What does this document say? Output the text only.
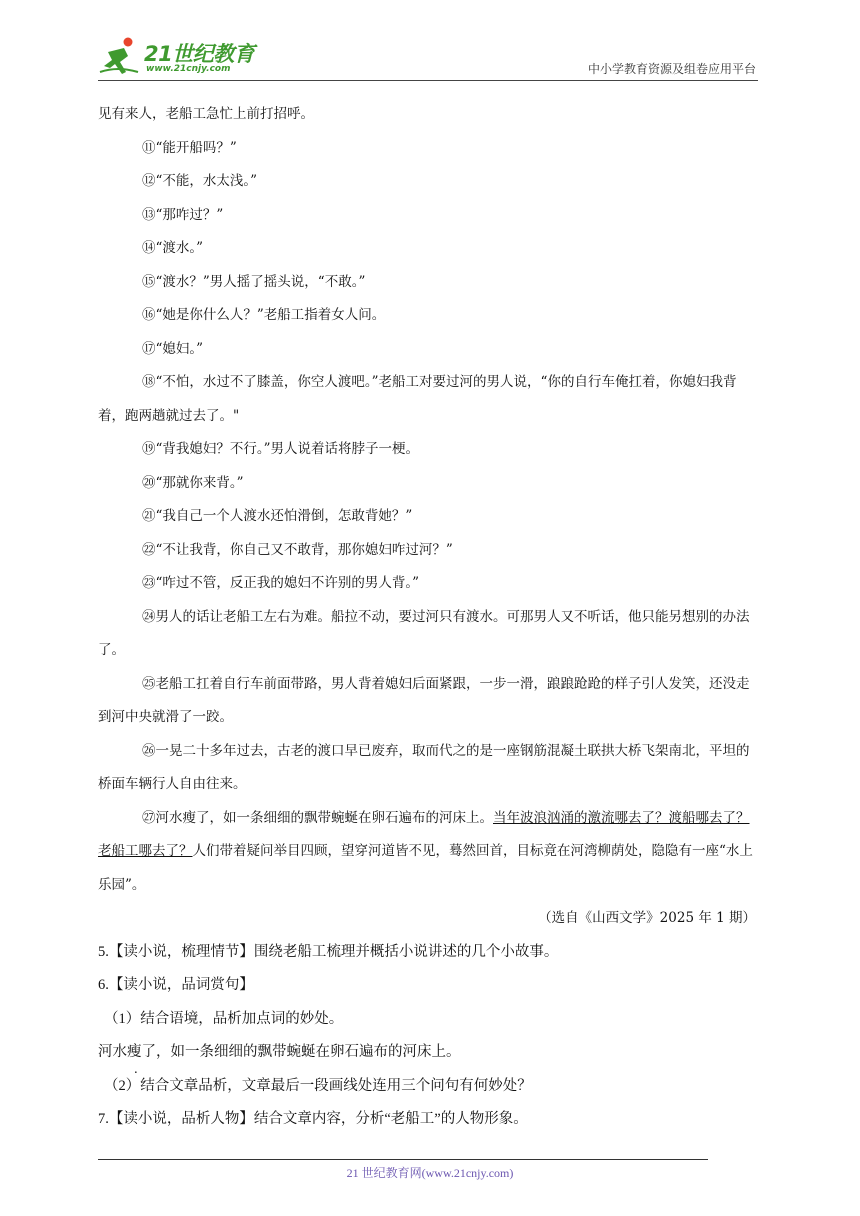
21世纪教育
www.21cnjy.com	中小学教育资源及组卷应用平台

见有来人，老船工急忙上前打招呼。

⑪“能开船吗？”

⑫“不能，水太浅。”

⑬“那咋过？”

⑭“渡水。”

⑮“渡水？”男人摇了摇头说，“不敢。”

⑯“她是你什么人？”老船工指着女人问。

⑰“媳妇。”

⑱“不怕，水过不了膝盖，你空人渡吧。”老船工对要过河的男人说，“你的自行车俺扛着，你媳妇我背着，跑两趟就过去了。"

⑲“背我媳妇？不行。”男人说着话将脖子一梗。

⑳“那就你来背。”

㉑“我自己一个人渡水还怕滑倒，怎敢背她？”

㉒“不让我背，你自己又不敢背，那你媳妇咋过河？”

㉓“咋过不管，反正我的媳妇不许别的男人背。”

㉔男人的话让老船工左右为难。船拉不动，要过河只有渡水。可那男人又不听话，他只能另想别的办法了。

㉕老船工扛着自行车前面带路，男人背着媳妇后面紧跟，一步一滑，踉踉跄跄的样子引人发笑，还没走到河中央就滑了一跤。

㉖一晃二十多年过去，古老的渡口早已废弃，取而代之的是一座钢筋混凝土联拱大桥飞架南北，平坦的桥面车辆行人自由往来。

㉗河水瘦了，如一条细细的飘带蜿蜒在卵石遍布的河床上。当年波浪汹涌的激流哪去了？渡船哪去了？老船工哪去了？人们带着疑问举目四顾，望穿河道皆不见，蓦然回首，目标竟在河湾柳荫处，隐隐有一座“水上乐园”。

（选自《山西文学》2025 年 1 期）

5.【读小说，梳理情节】围绕老船工梳理并概括小说讲述的几个小故事。

6.【读小说，品词赏句】

（1）结合语境，品析加点词的妙处。

河水瘦了，如一条细细的飘带蜿蜒在卵石遍布的河床上。

（2）结合文章品析，文章最后一段画线处连用三个问句有何妙处？

7.【读小说，品析人物】结合文章内容，分析“老船工”的人物形象。

21 世纪教育网(www.21cnjy.com)
